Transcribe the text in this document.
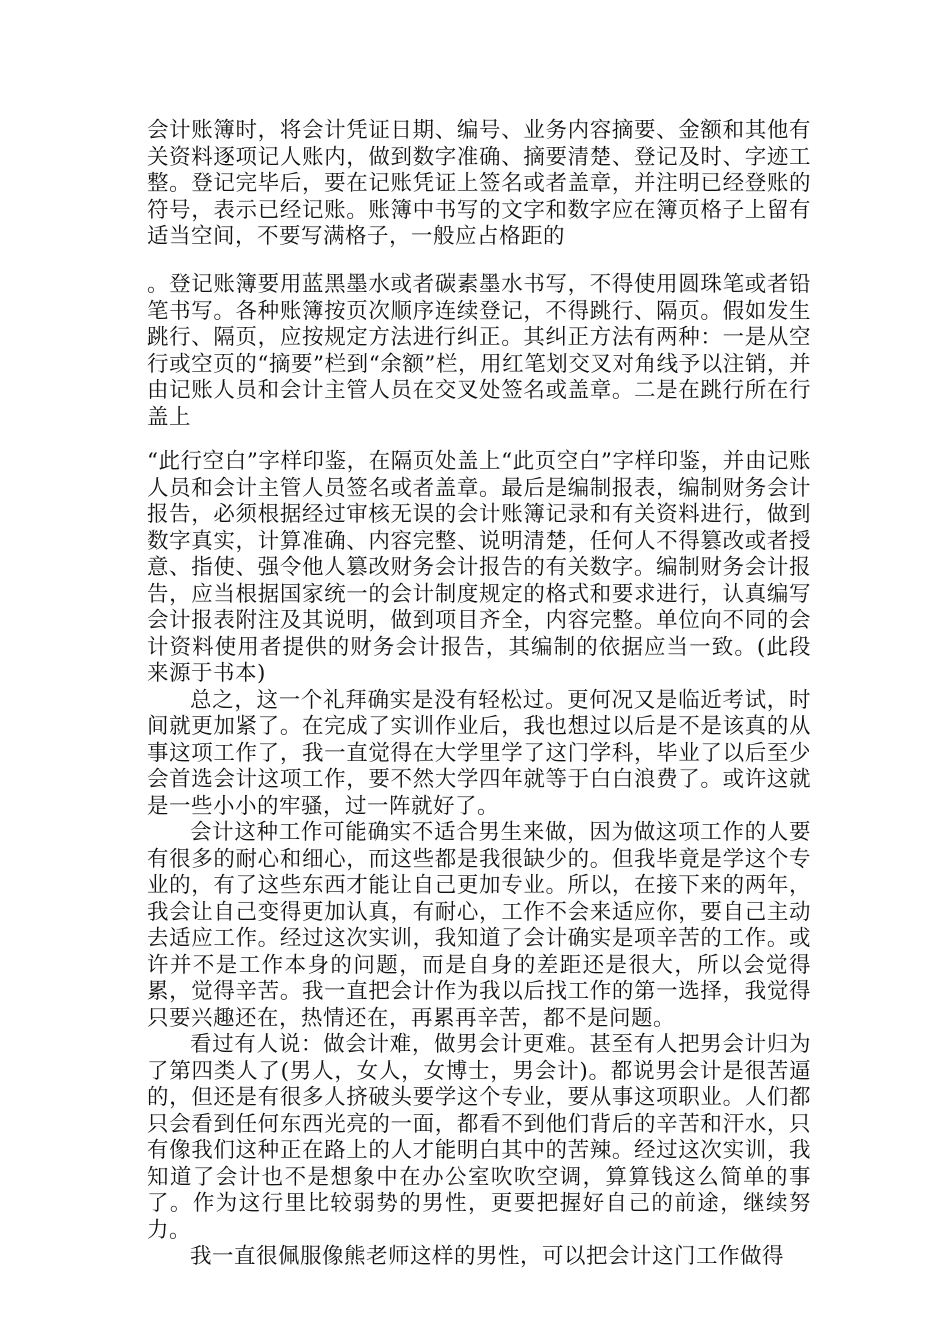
会计账簿时，将会计凭证日期、编号、业务内容摘要、金额和其他有关资料逐项记人账内，做到数字准确、摘要清楚、登记及时、字迹工整。登记完毕后，要在记账凭证上签名或者盖章，并注明已经登账的符号，表示已经记账。账簿中书写的文字和数字应在簿页格子上留有适当空间，不要写满格子，一般应占格距的

。登记账簿要用蓝黑墨水或者碳素墨水书写，不得使用圆珠笔或者铅笔书写。各种账簿按页次顺序连续登记，不得跳行、隔页。假如发生跳行、隔页，应按规定方法进行纠正。其纠正方法有两种：一是从空行或空页的“摘要”栏到“余额”栏，用红笔划交叉对角线予以注销，并由记账人员和会计主管人员在交叉处签名或盖章。二是在跳行所在行盖上

“此行空白”字样印鉴，在隔页处盖上“此页空白”字样印鉴，并由记账人员和会计主管人员签名或者盖章。最后是编制报表，编制财务会计报告，必须根据经过审核无误的会计账簿记录和有关资料进行，做到数字真实，计算准确、内容完整、说明清楚，任何人不得篡改或者授意、指使、强令他人篡改财务会计报告的有关数字。编制财务会计报告，应当根据国家统一的会计制度规定的格式和要求进行，认真编写会计报表附注及其说明，做到项目齐全，内容完整。单位向不同的会计资料使用者提供的财务会计报告，其编制的依据应当一致。(此段来源于书本)

总之，这一个礼拜确实是没有轻松过。更何况又是临近考试，时间就更加紧了。在完成了实训作业后，我也想过以后是不是该真的从事这项工作了，我一直觉得在大学里学了这门学科，毕业了以后至少会首选会计这项工作，要不然大学四年就等于白白浪费了。或许这就是一些小小的牢骚，过一阵就好了。

会计这种工作可能确实不适合男生来做，因为做这项工作的人要有很多的耐心和细心，而这些都是我很缺少的。但我毕竟是学这个专业的，有了这些东西才能让自己更加专业。所以，在接下来的两年，我会让自己变得更加认真，有耐心，工作不会来适应你，要自己主动去适应工作。经过这次实训，我知道了会计确实是项辛苦的工作。或许并不是工作本身的问题，而是自身的差距还是很大，所以会觉得累，觉得辛苦。我一直把会计作为我以后找工作的第一选择，我觉得只要兴趣还在，热情还在，再累再辛苦，都不是问题。

看过有人说：做会计难，做男会计更难。甚至有人把男会计归为了第四类人了(男人，女人，女博士，男会计)。都说男会计是很苦逼的，但还是有很多人挤破头要学这个专业，要从事这项职业。人们都只会看到任何东西光亮的一面，都看不到他们背后的辛苦和汗水，只有像我们这种正在路上的人才能明白其中的苦辣。经过这次实训，我知道了会计也不是想象中在办公室吹吹空调，算算钱这么简单的事了。作为这行里比较弱势的男性，更要把握好自己的前途，继续努力。

我一直很佩服像熊老师这样的男性，可以把会计这门工作做得
